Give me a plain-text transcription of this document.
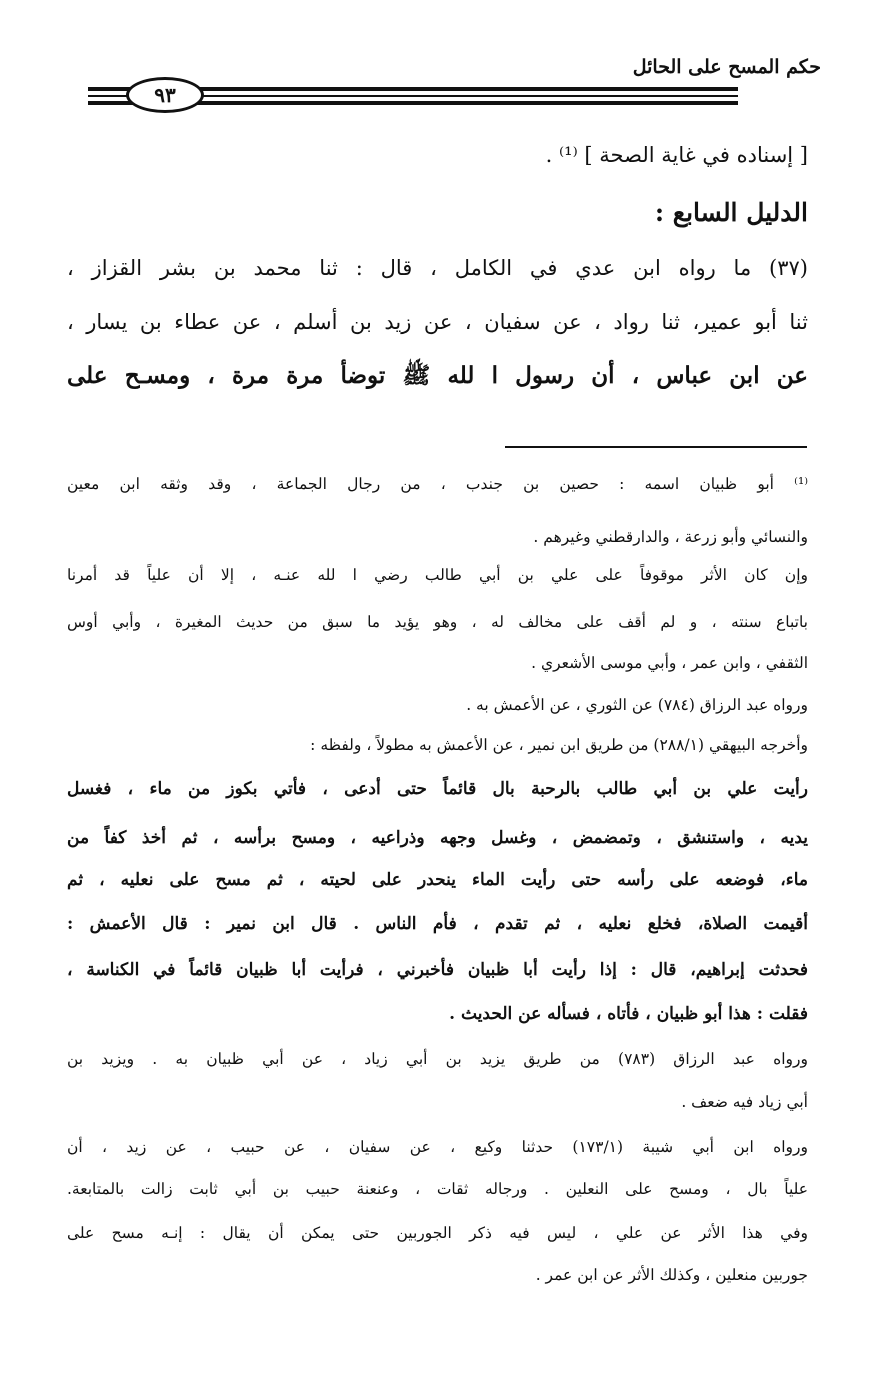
حكم المسح على الحائل
٩٣

[ إسناده في غاية الصحة ] ⁽¹⁾ .

الدليل السابع :

(٣٧) ما رواه ابن عدي في الكامل ، قال : ثنا محمد بن بشر القزاز ،

ثنا أبو عمير، ثنا رواد ، عن سفيان ، عن زيد بن أسلم ، عن عطاء بن يسار ،

عن ابن عباس ، أن رسول ا لله ﷺ توضأ مرة مرة ، ومسـح على

⁽¹⁾ أبو ظبيان اسمه : حصين بن جندب ، من رجال الجماعة ، وقد وثقه ابن معين

والنسائي وأبو زرعة ، والدارقطني وغيرهم .

وإن كان الأثر موقوفاً على علي بن أبي طالب رضي ا لله عنـه ، إلا أن علياً قد أمرنا

باتباع سنته ، و لم أقف على مخالف له ، وهو يؤيد ما سبق من حديث المغيرة ، وأبي أوس

الثقفي ، وابن عمر ، وأبي موسى الأشعري .

ورواه عبد الرزاق (٧٨٤) عن الثوري ، عن الأعمش به .

وأخرجه البيهقي (٢٨٨/١) من طريق ابن نمير ، عن الأعمش به مطولاً ، ولفظه :

رأيت علي بن أبي طالب بالرحبة بال قائماً حتى أدعى ، فأتي بكوز من ماء ، فغسل

يديه ، واستنشق ، وتمضمض ، وغسل وجهه وذراعيه ، ومسح برأسه ، ثم أخذ كفاً من

ماء، فوضعه على رأسه حتى رأيت الماء ينحدر على لحيته ، ثم مسح على نعليه ، ثم

أقيمت الصلاة، فخلع نعليه ، ثم تقدم ، فأم الناس . قال ابن نمير : قال الأعمش :

فحدثت إبراهيم، قال : إذا رأيت أبا ظبيان فأخبرني ، فرأيت أبا ظبيان قائماً في الكناسة ،

فقلت : هذا أبو ظبيان ، فأتاه ، فسأله عن الحديث .

ورواه عبد الرزاق (٧٨٣) من طريق يزيد بن أبي زياد ، عن أبي ظبيان به . ويزيد بن

أبي زياد فيه ضعف .

ورواه ابن أبي شيبة (١٧٣/١) حدثنا وكيع ، عن سفيان ، عن حبيب ، عن زيد ، أن

علياً بال ، ومسح على النعلين . ورجاله ثقات ، وعنعنة حبيب بن أبي ثابت زالت بالمتابعة.

وفي هذا الأثر عن علي ، ليس فيه ذكر الجوربين حتى يمكن أن يقال : إنـه مسح على

جوربين منعلين ، وكذلك الأثر عن ابن عمر .
